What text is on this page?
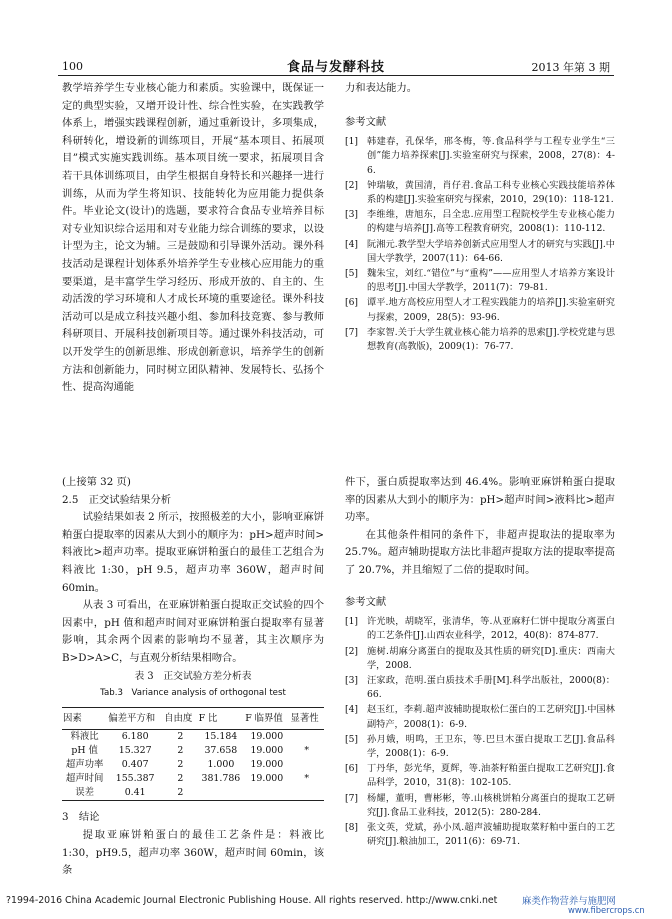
100	食品与发酵科技	2013 年第 3 期

教学培养学生专业核心能力和素质。实验课中，既保证一定的典型实验，又增开设计性、综合性实验，在实践教学体系上，增强实践课程创新，通过重新设计，多项集成，科研转化，增设新的训练项目，开展“基本项目、拓展项目”模式实施实践训练。基本项目统一要求，拓展项目含若干具体训练项目，由学生根据自身特长和兴趣择一进行训练，从而为学生将知识、技能转化为应用能力提供条件。毕业论文(设计)的选题，要求符合食品专业培养目标对专业知识综合运用和对专业能力综合训练的要求，以设计型为主，论文为辅。三是鼓励和引导课外活动。课外科技活动是课程计划体系外培养学生专业核心应用能力的重要渠道，是丰富学生学习经历、形成开放的、自主的、生动活泼的学习环境和人才成长环境的重要途径。课外科技活动可以是成立科技兴趣小组、参加科技竞赛、参与教师科研项目、开展科技创新项目等。通过课外科技活动，可以开发学生的创新思维、形成创新意识，培养学生的创新方法和创新能力，同时树立团队精神、发展特长、弘扬个性、提高沟通能

力和表达能力。

参考文献

[1] 韩建春，孔保华，邢冬梅，等.食品科学与工程专业学生“三创”能力培养探索[J].实验室研究与探索，2008，27(8)：4-6.
[2] 钟瑞敏，黄国清，肖仔君.食品工科专业核心实践技能培养体系的构建[J].实验室研究与探索，2010，29(10)：118-121.
[3] 李维维，唐旭东，吕全忠.应用型工程院校学生专业核心能力的构建与培养[J].高等工程教育研究，2008(1)：110-112.
[4] 阮湘元.教学型大学培养创新式应用型人才的研究与实践[J].中国大学教学，2007(11)：64-66.
[5] 魏朱宝，刘红.“错位”与“重构”——应用型人才培养方案设计的思考[J].中国大学教学，2011(7)：79-81.
[6] 谭平.地方高校应用型人才工程实践能力的培养[J].实验室研究与探索，2009，28(5)：93-96.
[7] 李家智.关于大学生就业核心能力培养的思索[J].学校党建与思想教育(高教版)，2009(1)：76-77.

(上接第 32 页)

2.5　正交试验结果分析

试验结果如表 2 所示，按照极差的大小，影响亚麻饼粕蛋白提取率的因素从大到小的顺序为：pH>超声时间>料液比>超声功率。提取亚麻饼粕蛋白的最佳工艺组合为料液比 1:30，pH 9.5，超声功率 360W，超声时间 60min。

从表 3 可看出，在亚麻饼粕蛋白提取正交试验的四个因素中，pH 值和超声时间对亚麻饼粕蛋白提取率有显著影响，其余两个因素的影响均不显著，其主次顺序为 B>D>A>C，与直观分析结果相吻合。

表 3　正交试验方差分析表

Tab.3　Variance analysis of orthogonal test

因素	偏差平方和	自由度	F 比	F 临界值	显著性
料液比	6.180	2	15.184	19.000	
pH 值	15.327	2	37.658	19.000	*
超声功率	0.407	2	1.000	19.000	
超声时间	155.387	2	381.786	19.000	*
误差	0.41	2			

3　结论

提取亚麻饼粕蛋白的最佳工艺条件是：料液比 1:30，pH9.5，超声功率 360W，超声时间 60min，该条

件下，蛋白质提取率达到 46.4%。影响亚麻饼粕蛋白提取率的因素从大到小的顺序为：pH>超声时间>液料比>超声功率。

在其他条件相同的条件下，非超声提取法的提取率为 25.7%。超声辅助提取方法比非超声提取方法的提取率提高了 20.7%，并且缩短了二倍的提取时间。

参考文献

[1] 许光映，胡晓军，张清华，等.从亚麻籽仁饼中提取分离蛋白的工艺条件[J].山西农业科学，2012，40(8)：874-877.
[2] 施树.胡麻分离蛋白的提取及其性质的研究[D].重庆：西南大学，2008.
[3] 汪家政，范明.蛋白质技术手册[M].科学出版社，2000(8)：66.
[4] 赵玉红，李莉.超声波辅助提取松仁蛋白的工艺研究[J].中国林副特产，2008(1)：6-9.
[5] 孙月娥，明鸣，王卫东，等.巴旦木蛋白提取工艺[J].食品科学，2008(1)：6-9.
[6] 丁丹华，彭光华，夏辉，等.油茶籽粕蛋白提取工艺研究[J].食品科学，2010，31(8)：102-105.
[7] 杨耀，董明，曹彬彬，等.山核桃饼粕分离蛋白的提取工艺研究[J].食品工业科技，2012(5)：280-284.
[8] 张文英，党斌，孙小凤.超声波辅助提取菜籽粕中蛋白的工艺研究[J].粮油加工，2011(6)：69-71.
?1994-2016 China Academic Journal Electronic Publishing House. All rights reserved. http://www.cnki.net	麻类作物营养与施肥网
www.fibercrops.cn
